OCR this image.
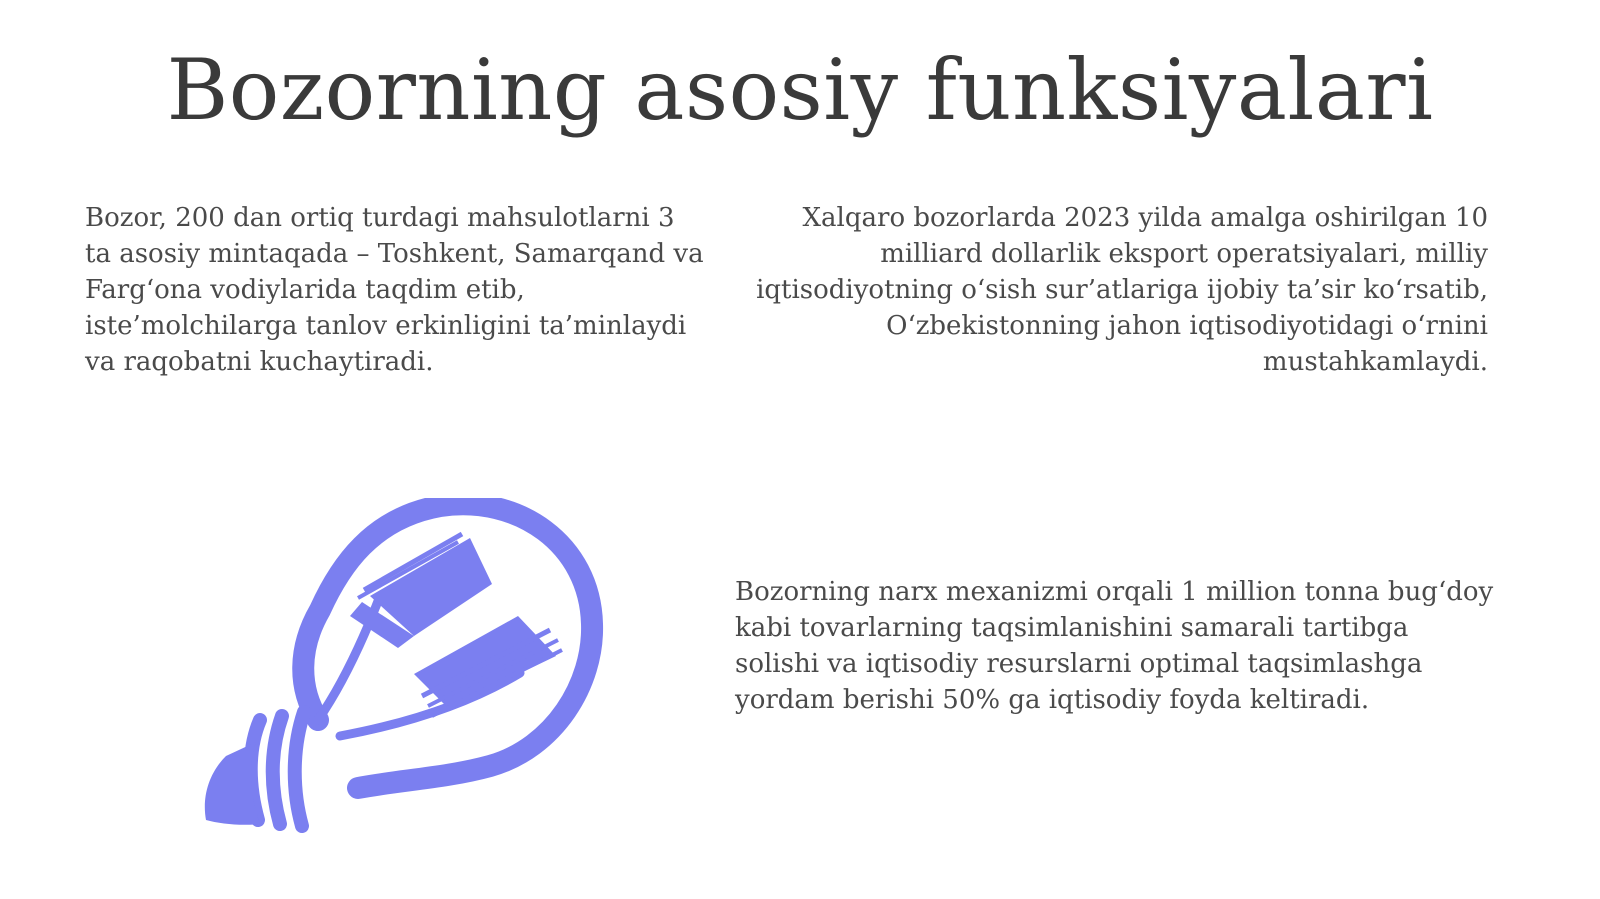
Bozorning asosiy funksiyalari

Bozor, 200 dan ortiq turdagi mahsulotlarni 3 ta asosiy mintaqada – Toshkent, Samarqand va Farg‘ona vodiylarida taqdim etib, iste’molchilarga tanlov erkinligini ta’minlaydi va raqobatni kuchaytiradi.

Xalqaro bozorlarda 2023 yilda amalga oshirilgan 10 milliard dollarlik eksport operatsiyalari, milliy iqtisodiyotning o‘sish sur’atlariga ijobiy ta’sir ko‘rsatib, O‘zbekistonning jahon iqtisodiyotidagi o‘rnini mustahkamlaydi.

Bozorning narx mexanizmi orqali 1 million tonna bug‘doy kabi tovarlarning taqsimlanishini samarali tartibga solishi va iqtisodiy resurslarni optimal taqsimlashga yordam berishi 50% ga iqtisodiy foyda keltiradi.
